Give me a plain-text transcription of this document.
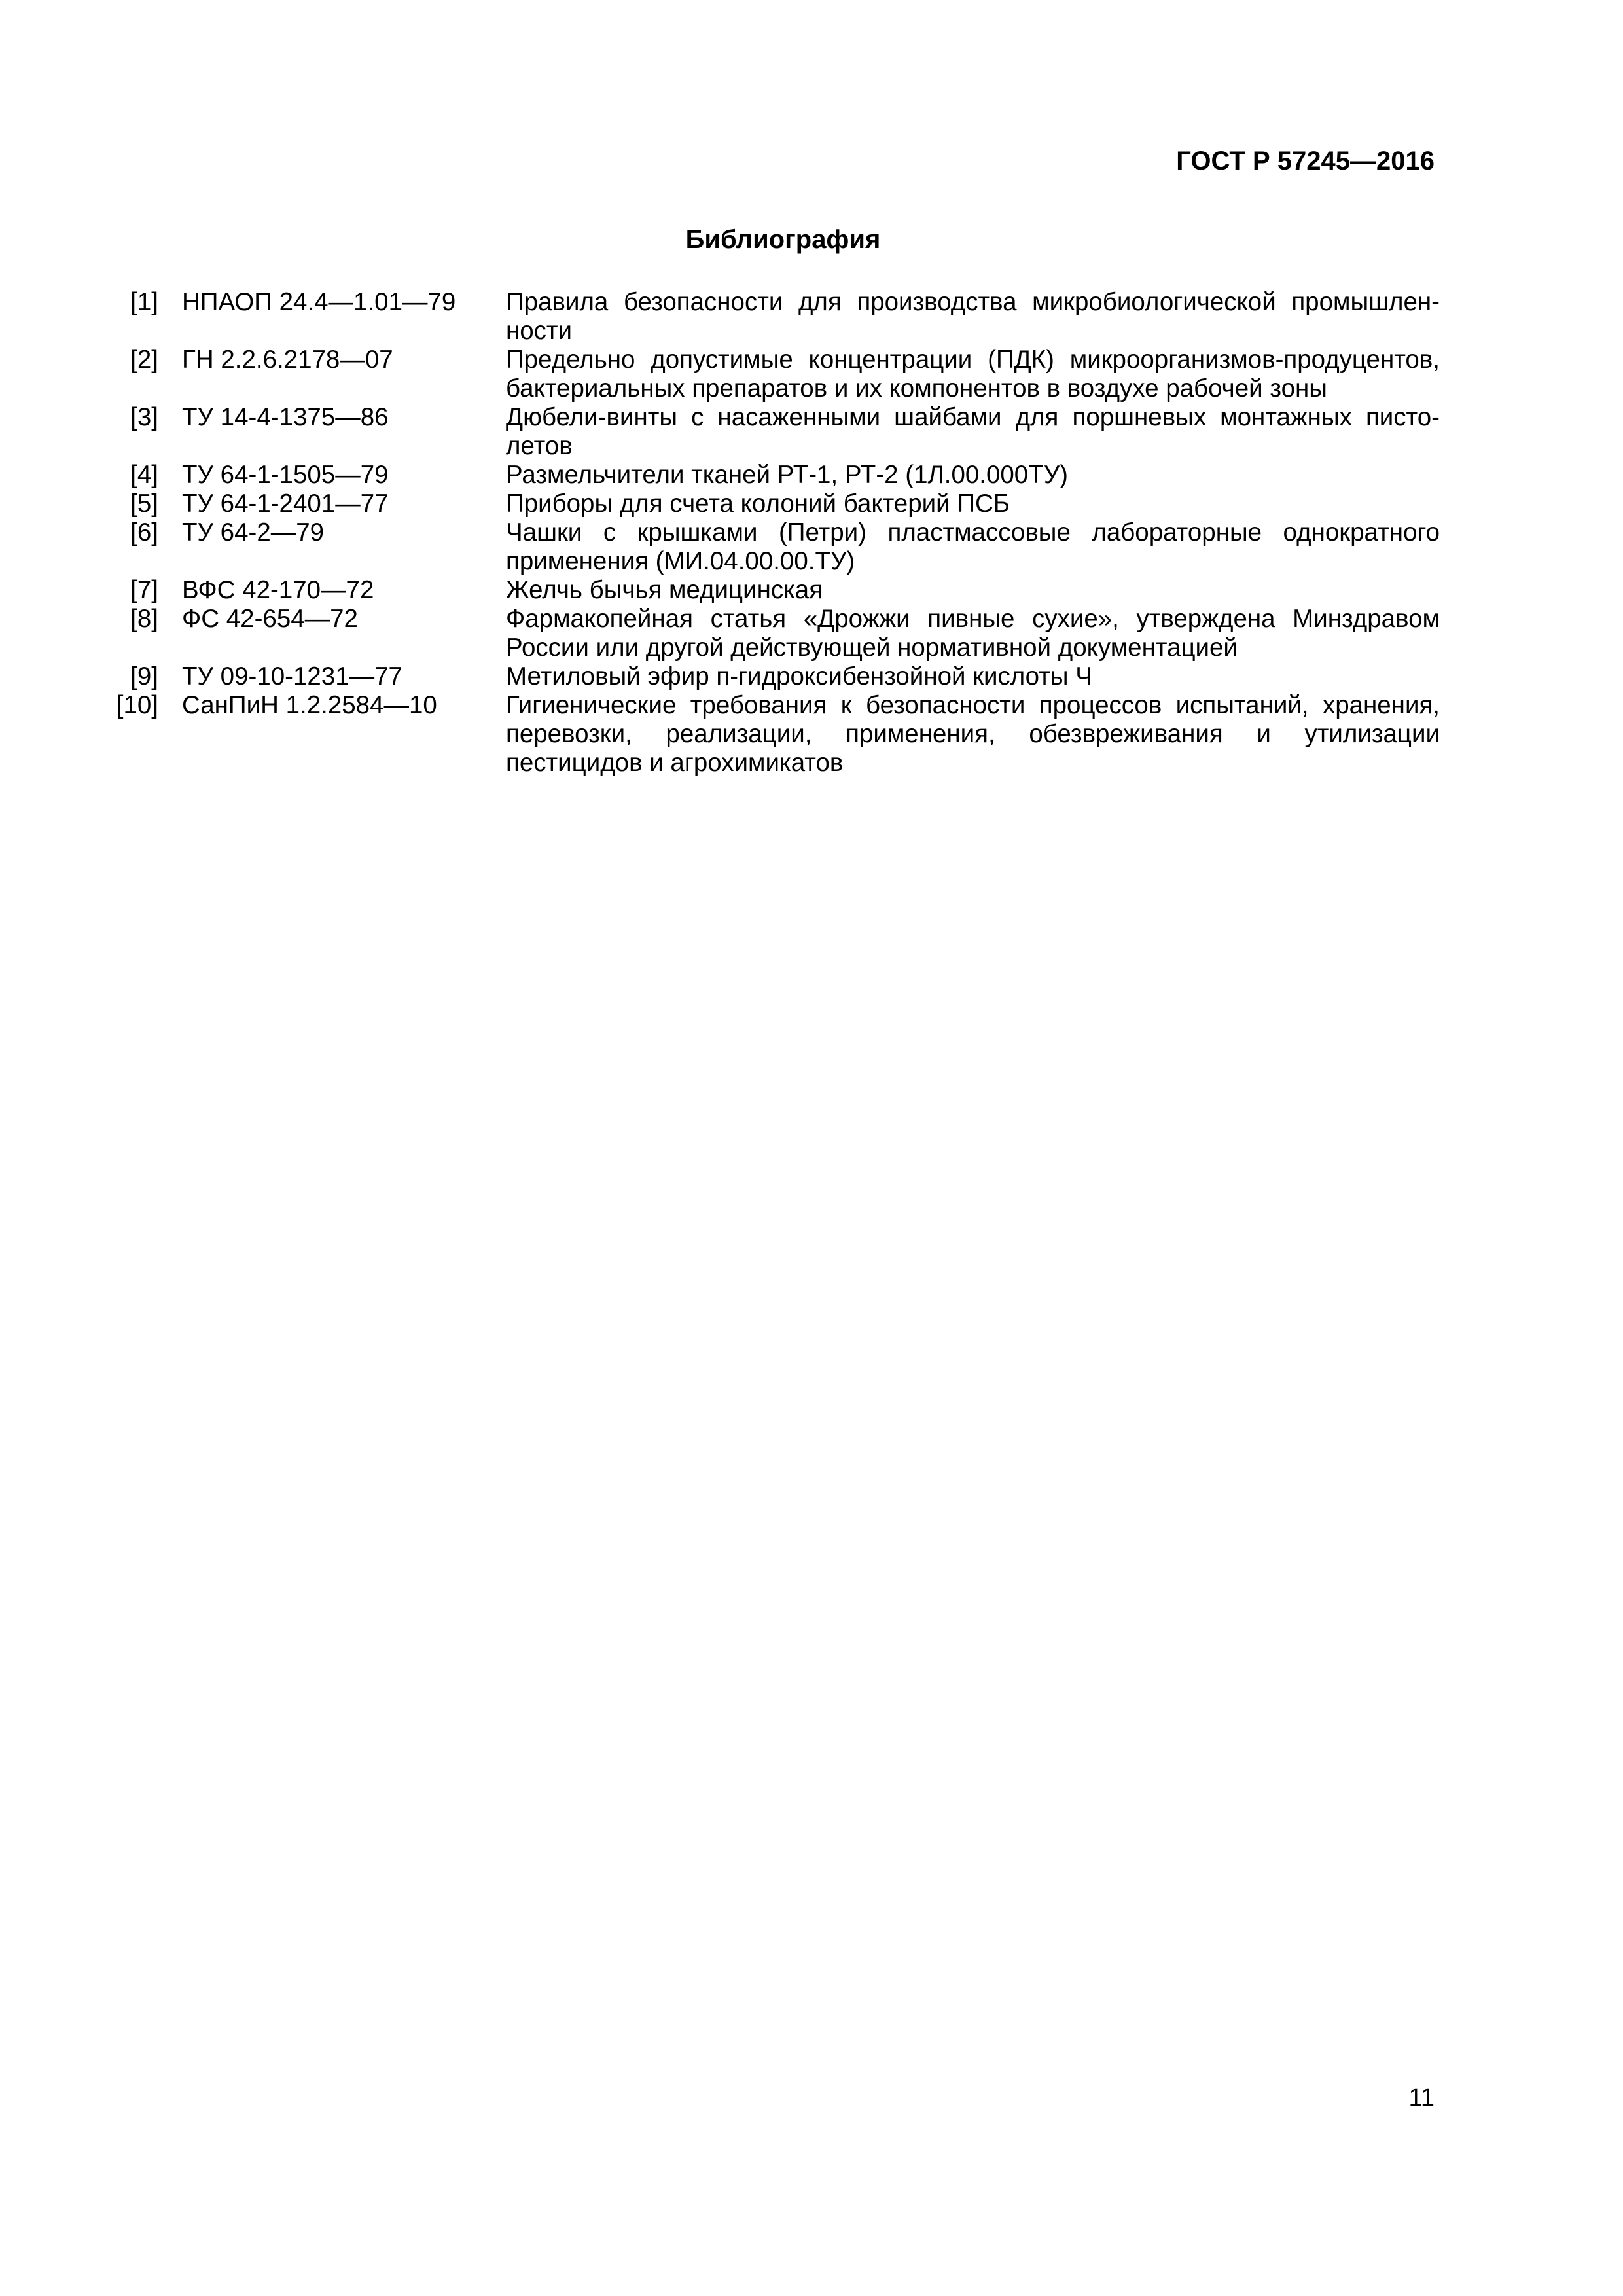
ГОСТ Р 57245—2016
Библиография
[1] НПАОП 24.4—1.01—79 Правила безопасности для производства микробиологической промышленности
[2] ГН 2.2.6.2178—07	Предельно допустимые концентрации (ПДК) микроорганизмов-продуцентов, бактериальных препаратов и их компонентов в воздухе рабочей зоны
[3] ТУ 14-4-1375—86	Дюбели-винты с насаженными шайбами для поршневых монтажных пистолетов
[4] ТУ 64-1-1505—79	Размельчители тканей РТ-1, РТ-2 (1Л.00.000ТУ)
[5] ТУ 64-1-2401—77	Приборы для счета колоний бактерий ПСБ
[6] ТУ 64-2—79	Чашки с крышками (Петри) пластмассовые лабораторные однократного применения (МИ.04.00.00.ТУ)
[7] ВФС 42-170—72	Желчь бычья медицинская
[8] ФС 42-654—72	Фармакопейная статья «Дрожжи пивные сухие», утверждена Минздравом России или другой действующей нормативной документацией
[9] ТУ 09-10-1231—77	Метиловый эфир п-гидроксибензойной кислоты Ч
[10] СанПиН 1.2.2584—10	Гигиенические требования к безопасности процессов испытаний, хранения, перевозки, реализации, применения, обезвреживания и утилизации пестицидов и агрохимикатов
11
